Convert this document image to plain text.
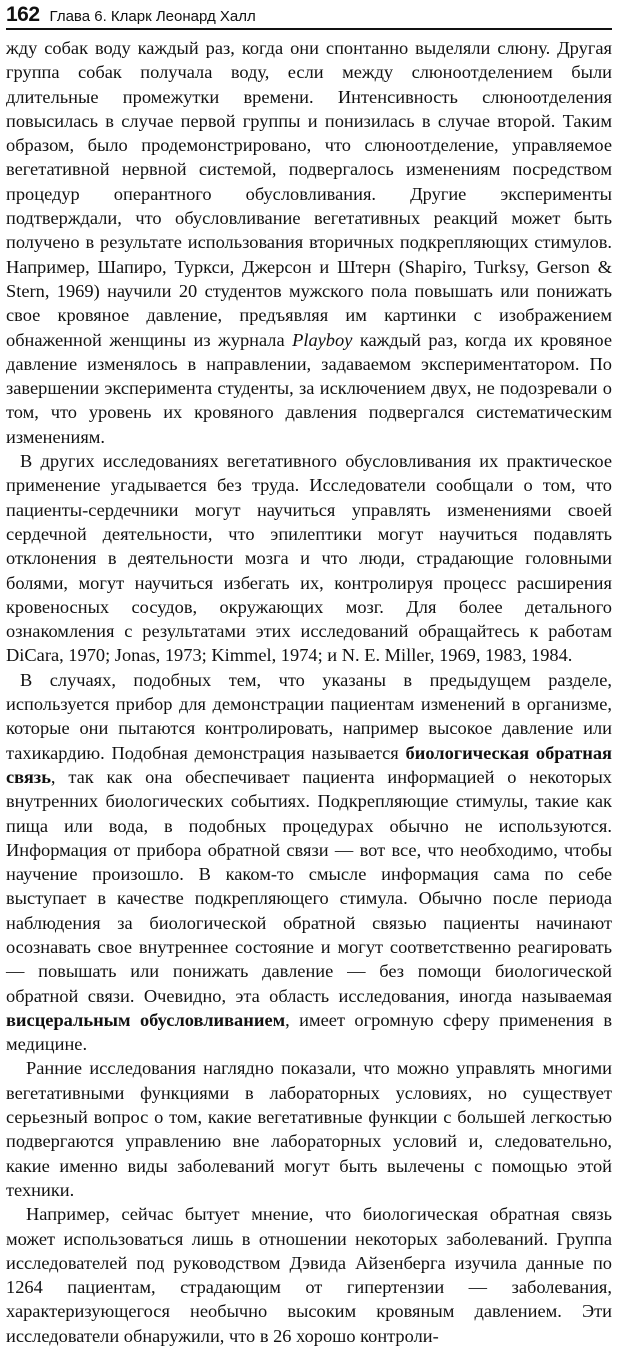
162 Глава 6. Кларк Леонард Халл

жду собак воду каждый раз, когда они спонтанно выделяли слюну. Другая группа собак получала воду, если между слюноотделением были длительные промежутки времени. Интенсивность слюноотделения повысилась в случае первой группы и понизилась в случае второй. Таким образом, было продемонстрировано, что слюноотделение, управляемое вегетативной нервной системой, подвергалось изменениям посредством процедур оперантного обусловливания. Другие эксперименты подтверждали, что обусловливание вегетативных реакций может быть получено в результате использования вторичных подкрепляющих стимулов. Например, Шапиро, Туркси, Джерсон и Штерн (Shapiro, Turksy, Gerson & Stern, 1969) научили 20 студентов мужского пола повышать или понижать свое кровяное давление, предъявляя им картинки с изображением обнаженной женщины из журнала Playboy каждый раз, когда их кровяное давление изменялось в направлении, задаваемом экспериментатором. По завершении эксперимента студенты, за исключением двух, не подозревали о том, что уровень их кровяного давления подвергался систематическим изменениям.

В других исследованиях вегетативного обусловливания их практическое применение угадывается без труда. Исследователи сообщали о том, что пациенты-сердечники могут научиться управлять изменениями своей сердечной деятельности, что эпилептики могут научиться подавлять отклонения в деятельности мозга и что люди, страдающие головными болями, могут научиться избегать их, контролируя процесс расширения кровеносных сосудов, окружающих мозг. Для более детального ознакомления с результатами этих исследований обращайтесь к работам DiCara, 1970; Jonas, 1973; Kimmel, 1974; и N. E. Miller, 1969, 1983, 1984.

В случаях, подобных тем, что указаны в предыдущем разделе, используется прибор для демонстрации пациентам изменений в организме, которые они пытаются контролировать, например высокое давление или тахикардию. Подобная демонстрация называется биологическая обратная связь, так как она обеспечивает пациента информацией о некоторых внутренних биологических событиях. Подкрепляющие стимулы, такие как пища или вода, в подобных процедурах обычно не используются. Информация от прибора обратной связи — вот все, что необходимо, чтобы научение произошло. В каком-то смысле информация сама по себе выступает в качестве подкрепляющего стимула. Обычно после периода наблюдения за биологической обратной связью пациенты начинают осознавать свое внутреннее состояние и могут соответственно реагировать — повышать или понижать давление — без помощи биологической обратной связи. Очевидно, эта область исследования, иногда называемая висцеральным обусловливанием, имеет огромную сферу применения в медицине.

Ранние исследования наглядно показали, что можно управлять многими вегетативными функциями в лабораторных условиях, но существует серьезный вопрос о том, какие вегетативные функции с большей легкостью подвергаются управлению вне лабораторных условий и, следовательно, какие именно виды заболеваний могут быть вылечены с помощью этой техники.

Например, сейчас бытует мнение, что биологическая обратная связь может использоваться лишь в отношении некоторых заболеваний. Группа исследователей под руководством Дэвида Айзенберга изучила данные по 1264 пациентам, страдающим от гипертензии — заболевания, характеризующегося необычно высоким кровяным давлением. Эти исследователи обнаружили, что в 26 хорошо контроли-
